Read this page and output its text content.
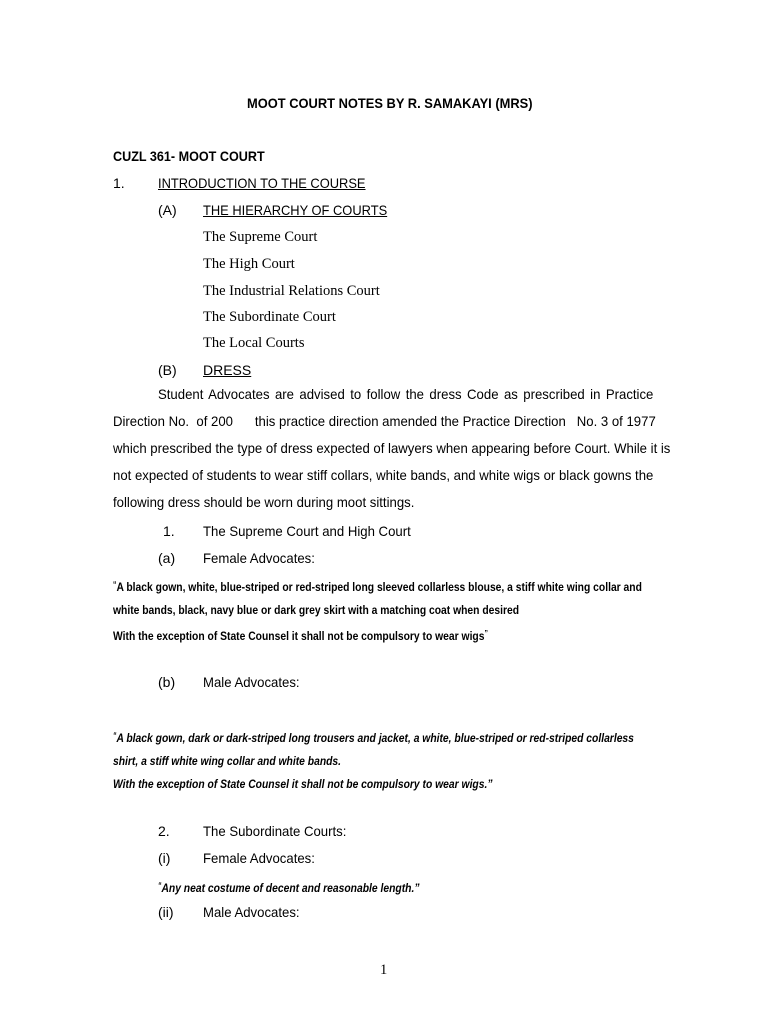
MOOT COURT NOTES BY R. SAMAKAYI (MRS)
CUZL 361- MOOT COURT
1. INTRODUCTION TO THE COURSE
(A) THE HIERARCHY OF COURTS
The Supreme Court
The High Court
The Industrial Relations Court
The Subordinate Court
The Local Courts
(B) DRESS
Student Advocates are advised to follow the dress Code as prescribed in Practice
Direction No.  of 200      this practice direction amended the Practice Direction   No. 3 of 1977
which prescribed the type of dress expected of lawyers when appearing before Court. While it is
not expected of students to wear stiff collars, white bands, and white wigs or black gowns the
following dress should be worn during moot sittings.
1. The Supreme Court and High Court
(a) Female Advocates:
“A black gown, white, blue-striped or red-striped long sleeved collarless blouse, a stiff white wing collar and
white bands, black, navy blue or dark grey skirt with a matching coat when desired
With the exception of State Counsel it shall not be compulsory to wear wigs”
(b) Male Advocates:
“A black gown, dark or dark-striped long trousers and jacket, a white, blue-striped or red-striped collarless
shirt, a stiff white wing collar and white bands.
With the exception of State Counsel it shall not be compulsory to wear wigs.”
2. The Subordinate Courts:
(i) Female Advocates:
“Any neat costume of decent and reasonable length.”
(ii) Male Advocates:
1
